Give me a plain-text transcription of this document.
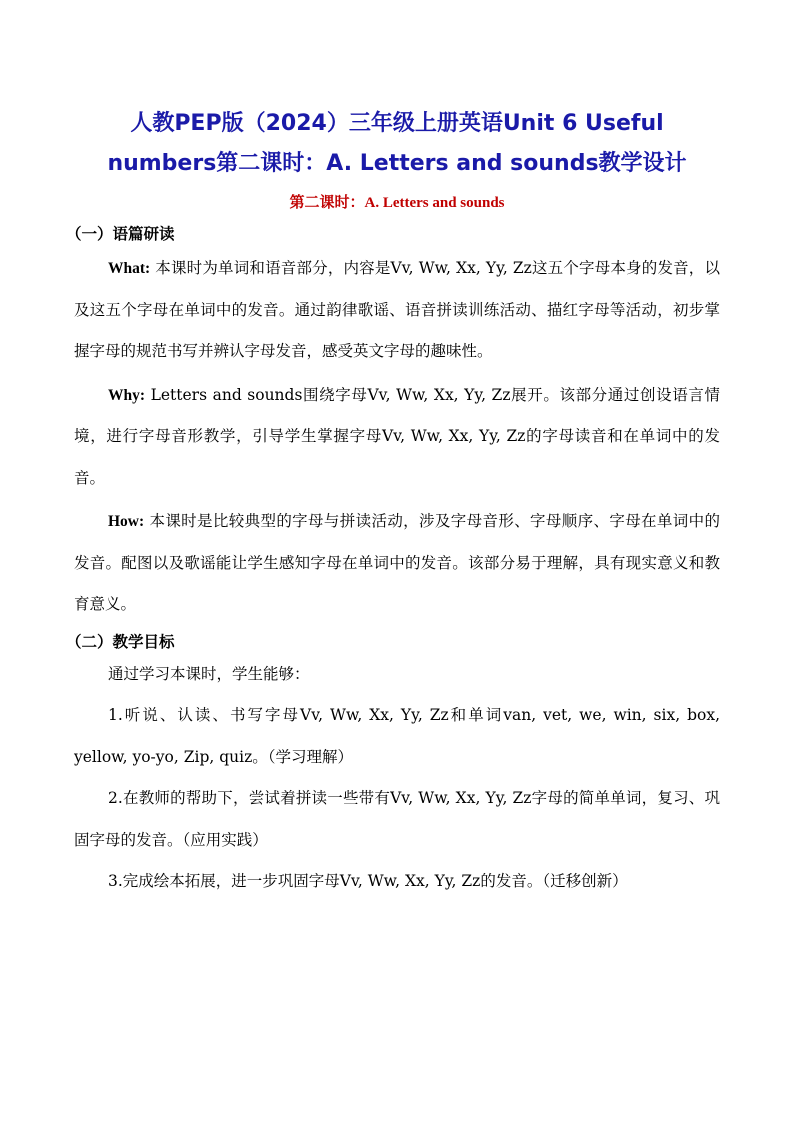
人教PEP版（2024）三年级上册英语Unit 6 Useful
numbers第二课时：A. Letters and sounds教学设计
第二课时：A. Letters and sounds
（一）语篇研读

What: 本课时为单词和语音部分，内容是Vv, Ww, Xx, Yy, Zz这五个字母本身的发音，以及这五个字母在单词中的发音。通过韵律歌谣、语音拼读训练活动、描红字母等活动，初步掌握字母的规范书写并辨认字母发音，感受英文字母的趣味性。

Why: Letters and sounds围绕字母Vv, Ww, Xx, Yy, Zz展开。该部分通过创设语言情境，进行字母音形教学，引导学生掌握字母Vv, Ww, Xx, Yy, Zz的字母读音和在单词中的发音。

How: 本课时是比较典型的字母与拼读活动，涉及字母音形、字母顺序、字母在单词中的发音。配图以及歌谣能让学生感知字母在单词中的发音。该部分易于理解，具有现实意义和教育意义。

（二）教学目标

通过学习本课时，学生能够：

1.听说、认读、书写字母Vv, Ww, Xx, Yy, Zz和单词van, vet, we, win, six, box, yellow, yo-yo, Zip, quiz。（学习理解）

2.在教师的帮助下，尝试着拼读一些带有Vv, Ww, Xx, Yy, Zz字母的简单单词，复习、巩固字母的发音。（应用实践）

3.完成绘本拓展，进一步巩固字母Vv, Ww, Xx, Yy, Zz的发音。（迁移创新）
